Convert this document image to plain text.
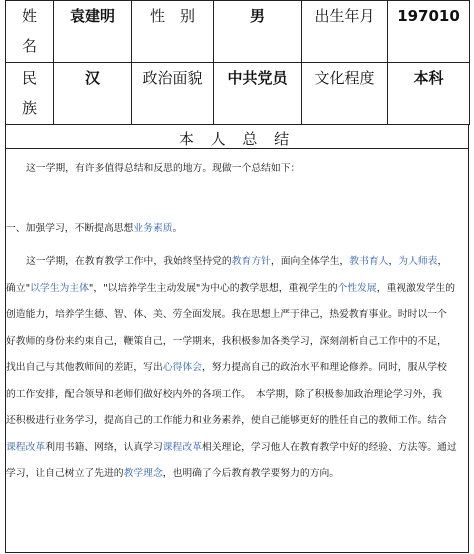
姓
名	袁建明	性　别	男	出生年月	197010

民
族	汉	政治面貌	中共党员	文化程度	本科
本 人 总 结
这一学期，有许多值得总结和反思的地方。现做一个总结如下：
一、加强学习，不断提高思想业务素质。
这一学期，在教育教学工作中，我始终坚持党的教育方针，面向全体学生，教书育人，为人师表，
确立"以学生为主体"，"以培养学生主动发展"为中心的教学思想，重视学生的个性发展，重视激发学生的
创造能力，培养学生德、智、体、美、劳全面发展。我在思想上严于律己，热爱教育事业。时时以一个
好教师的身份来约束自己，鞭策自己，一学期来，我积极参加各类学习，深刻剖析自己工作中的不足，
找出自己与其他教师间的差距，写出心得体会，努力提高自己的政治水平和理论修养。同时，服从学校
的工作安排，配合领导和老师们做好校内外的各项工作。　本学期，除了积极参加政治理论学习外，我
还积极进行业务学习，提高自己的工作能力和业务素养，使自己能够更好的胜任自己的教师工作。结合
课程改革利用书籍、网络，认真学习课程改革相关理论，学习他人在教育教学中好的经验、方法等。通过
学习，让自己树立了先进的教学理念，也明确了今后教育教学要努力的方向。
